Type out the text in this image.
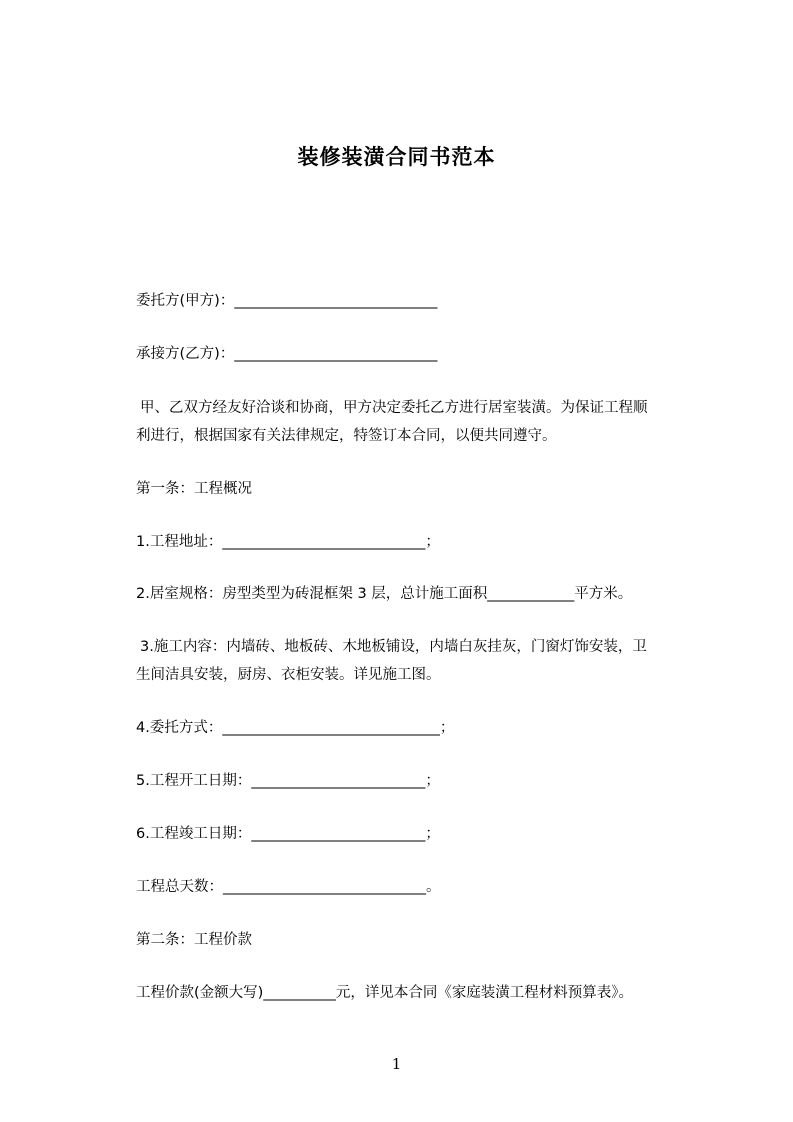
装修装潢合同书范本
委托方(甲方)：____________________________
承接方(乙方)：____________________________
甲、乙双方经友好洽谈和协商，甲方决定委托乙方进行居室装潢。为保证工程顺
利进行，根据国家有关法律规定，特签订本合同，以便共同遵守。
第一条：工程概况
1.工程地址：____________________________；
2.居室规格：房型类型为砖混框架 3 层，总计施工面积____________平方米。
3.施工内容：内墙砖、地板砖、木地板铺设，内墙白灰挂灰，门窗灯饰安装，卫
生间洁具安装，厨房、衣柜安装。详见施工图。
4.委托方式：______________________________；
5.工程开工日期：________________________；
6.工程竣工日期：________________________；
工程总天数：____________________________。
第二条：工程价款
工程价款(金额大写)__________元，详见本合同《家庭装潢工程材料预算表》。
1
